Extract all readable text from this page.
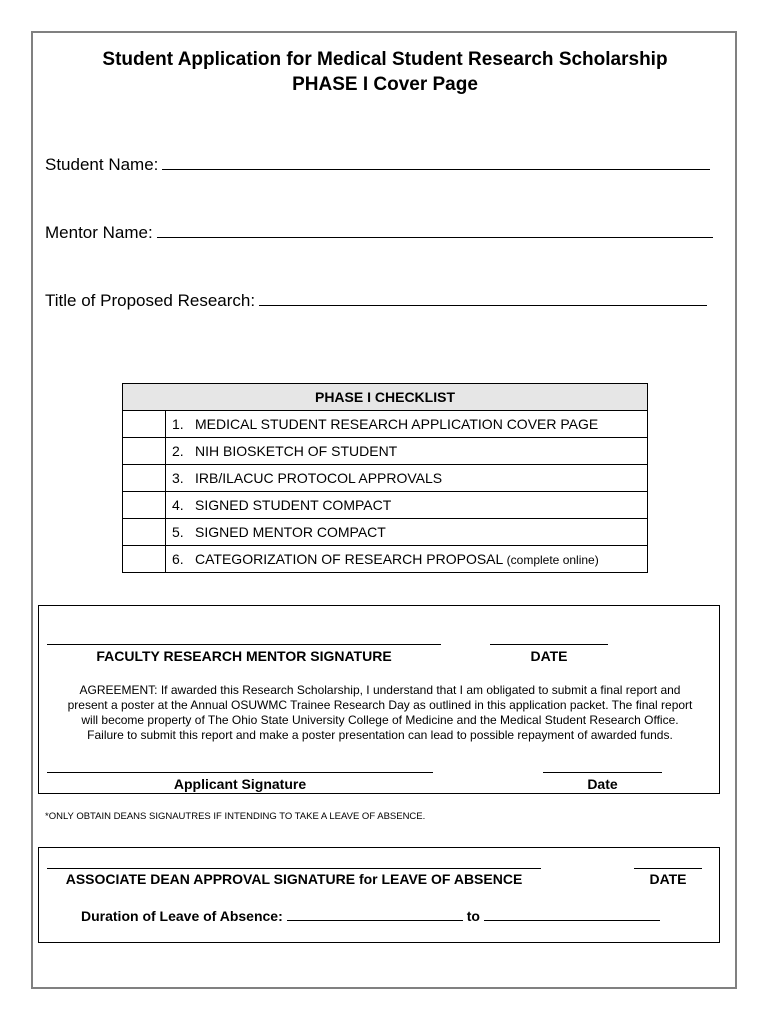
Student Application for Medical Student Research Scholarship
PHASE I Cover Page
Student Name:
Mentor Name:
Title of Proposed Research:
PHASE I CHECKLIST	
	1. MEDICAL STUDENT RESEARCH APPLICATION COVER PAGE
	2. NIH BIOSKETCH OF STUDENT
	3. IRB/ILACUC PROTOCOL APPROVALS
	4. SIGNED STUDENT COMPACT
	5. SIGNED MENTOR COMPACT
	6. CATEGORIZATION OF RESEARCH PROPOSAL (complete online)
FACULTY RESEARCH MENTOR SIGNATURE	DATE
AGREEMENT: If awarded this Research Scholarship, I understand that I am obligated to submit a final report and
present a poster at the Annual OSUWMC Trainee Research Day as outlined in this application packet. The final report
will become property of The Ohio State University College of Medicine and the Medical Student Research Office.
Failure to submit this report and make a poster presentation can lead to possible repayment of awarded funds.
Applicant Signature	Date
*ONLY OBTAIN DEANS SIGNAUTRES IF INTENDING TO TAKE A LEAVE OF ABSENCE.
ASSOCIATE DEAN APPROVAL SIGNATURE for LEAVE OF ABSENCE	DATE
Duration of Leave of Absence:	to
